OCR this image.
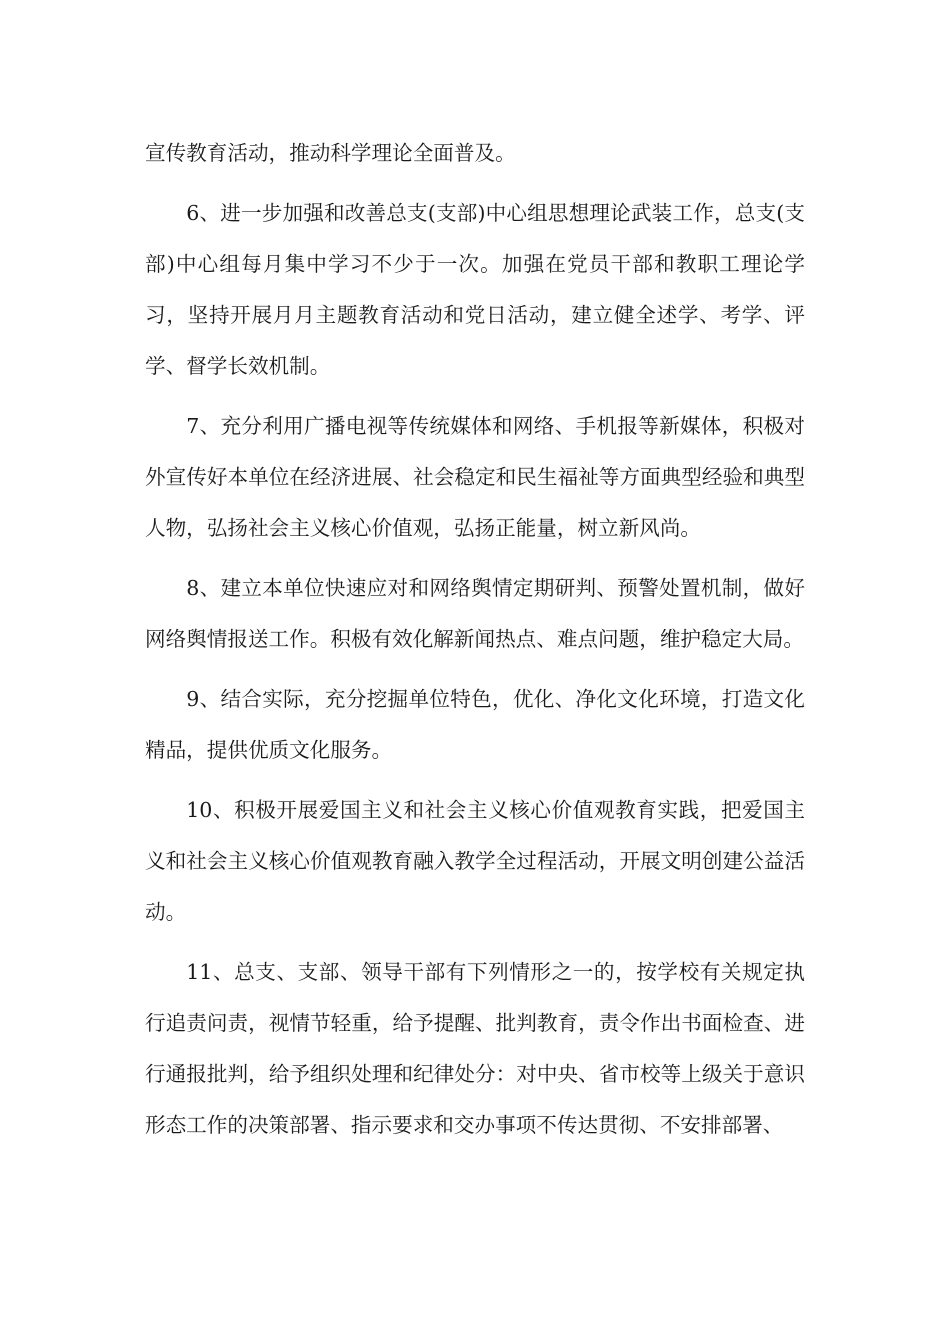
宣传教育活动，推动科学理论全面普及。

6、进一步加强和改善总支(支部)中心组思想理论武装工作，总支(支部)中心组每月集中学习不少于一次。加强在党员干部和教职工理论学习，坚持开展月月主题教育活动和党日活动，建立健全述学、考学、评学、督学长效机制。

7、充分利用广播电视等传统媒体和网络、手机报等新媒体，积极对外宣传好本单位在经济进展、社会稳定和民生福祉等方面典型经验和典型人物，弘扬社会主义核心价值观，弘扬正能量，树立新风尚。

8、建立本单位快速应对和网络舆情定期研判、预警处置机制，做好网络舆情报送工作。积极有效化解新闻热点、难点问题，维护稳定大局。

9、结合实际，充分挖掘单位特色，优化、净化文化环境，打造文化精品，提供优质文化服务。

10、积极开展爱国主义和社会主义核心价值观教育实践，把爱国主义和社会主义核心价值观教育融入教学全过程活动，开展文明创建公益活动。

11、总支、支部、领导干部有下列情形之一的，按学校有关规定执行追责问责，视情节轻重，给予提醒、批判教育，责令作出书面检查、进行通报批判，给予组织处理和纪律处分：对中央、省市校等上级关于意识形态工作的决策部署、指示要求和交办事项不传达贯彻、不安排部署、
